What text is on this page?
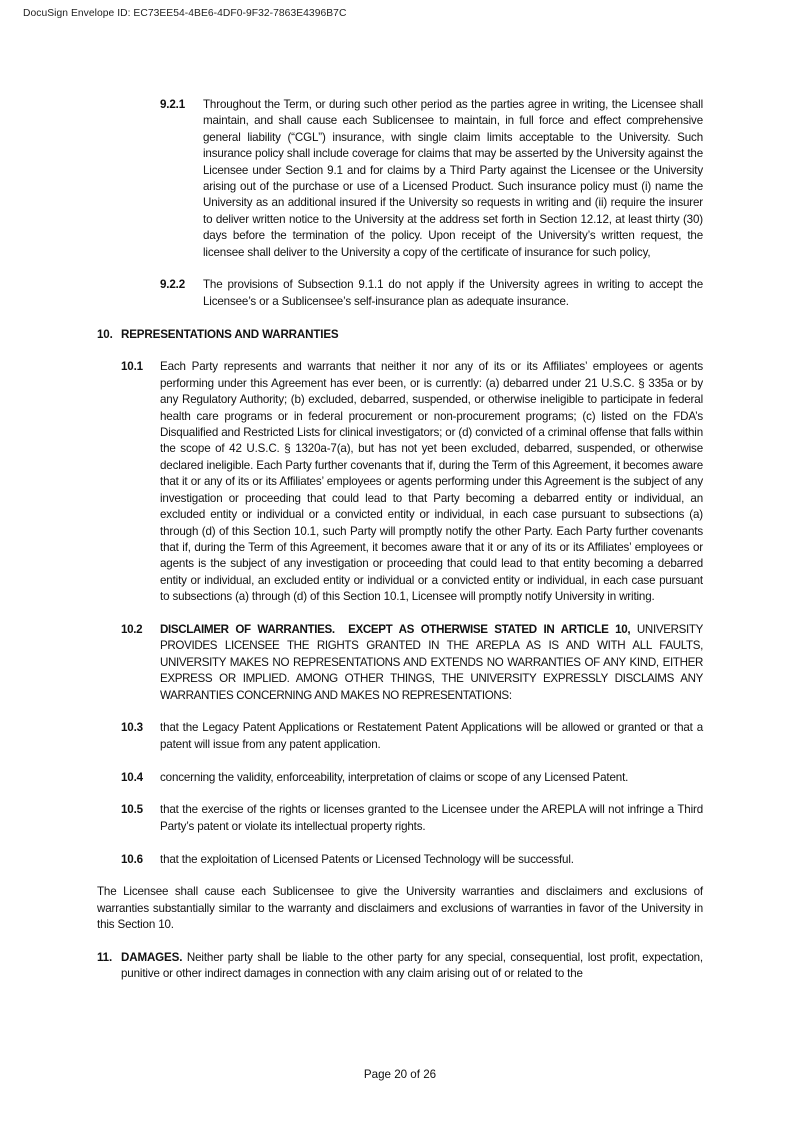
DocuSign Envelope ID: EC73EE54-4BE6-4DF0-9F32-7863E4396B7C
9.2.1 Throughout the Term, or during such other period as the parties agree in writing, the Licensee shall maintain, and shall cause each Sublicensee to maintain, in full force and effect comprehensive general liability (“CGL”) insurance, with single claim limits acceptable to the University. Such insurance policy shall include coverage for claims that may be asserted by the University against the Licensee under Section 9.1 and for claims by a Third Party against the Licensee or the University arising out of the purchase or use of a Licensed Product. Such insurance policy must (i) name the University as an additional insured if the University so requests in writing and (ii) require the insurer to deliver written notice to the University at the address set forth in Section 12.12, at least thirty (30) days before the termination of the policy. Upon receipt of the University’s written request, the licensee shall deliver to the University a copy of the certificate of insurance for such policy,
9.2.2 The provisions of Subsection 9.1.1 do not apply if the University agrees in writing to accept the Licensee’s or a Sublicensee’s self-insurance plan as adequate insurance.
10. REPRESENTATIONS AND WARRANTIES
10.1 Each Party represents and warrants that neither it nor any of its or its Affiliates’ employees or agents performing under this Agreement has ever been, or is currently: (a) debarred under 21 U.S.C. § 335a or by any Regulatory Authority; (b) excluded, debarred, suspended, or otherwise ineligible to participate in federal health care programs or in federal procurement or non-procurement programs; (c) listed on the FDA’s Disqualified and Restricted Lists for clinical investigators; or (d) convicted of a criminal offense that falls within the scope of 42 U.S.C. § 1320a-7(a), but has not yet been excluded, debarred, suspended, or otherwise declared ineligible. Each Party further covenants that if, during the Term of this Agreement, it becomes aware that it or any of its or its Affiliates’ employees or agents performing under this Agreement is the subject of any investigation or proceeding that could lead to that Party becoming a debarred entity or individual, an excluded entity or individual or a convicted entity or individual, in each case pursuant to subsections (a) through (d) of this Section 10.1, such Party will promptly notify the other Party. Each Party further covenants that if, during the Term of this Agreement, it becomes aware that it or any of its or its Affiliates’ employees or agents is the subject of any investigation or proceeding that could lead to that entity becoming a debarred entity or individual, an excluded entity or individual or a convicted entity or individual, in each case pursuant to subsections (a) through (d) of this Section 10.1, Licensee will promptly notify University in writing.
10.2 DISCLAIMER OF WARRANTIES.  EXCEPT AS OTHERWISE STATED IN ARTICLE 10, UNIVERSITY PROVIDES LICENSEE THE RIGHTS GRANTED IN THE AREPLA AS IS AND WITH ALL FAULTS, UNIVERSITY MAKES NO REPRESENTATIONS AND EXTENDS NO WARRANTIES OF ANY KIND, EITHER EXPRESS OR IMPLIED. AMONG OTHER THINGS, THE UNIVERSITY EXPRESSLY DISCLAIMS ANY WARRANTIES CONCERNING AND MAKES NO REPRESENTATIONS:
10.3 that the Legacy Patent Applications or Restatement Patent Applications will be allowed or granted or that a patent will issue from any patent application.
10.4 concerning the validity, enforceability, interpretation of claims or scope of any Licensed Patent.
10.5 that the exercise of the rights or licenses granted to the Licensee under the AREPLA will not infringe a Third Party’s patent or violate its intellectual property rights.
10.6 that the exploitation of Licensed Patents or Licensed Technology will be successful.
The Licensee shall cause each Sublicensee to give the University warranties and disclaimers and exclusions of warranties substantially similar to the warranty and disclaimers and exclusions of warranties in favor of the University in this Section 10.
11. DAMAGES. Neither party shall be liable to the other party for any special, consequential, lost profit, expectation, punitive or other indirect damages in connection with any claim arising out of or related to the
Page 20 of 26
